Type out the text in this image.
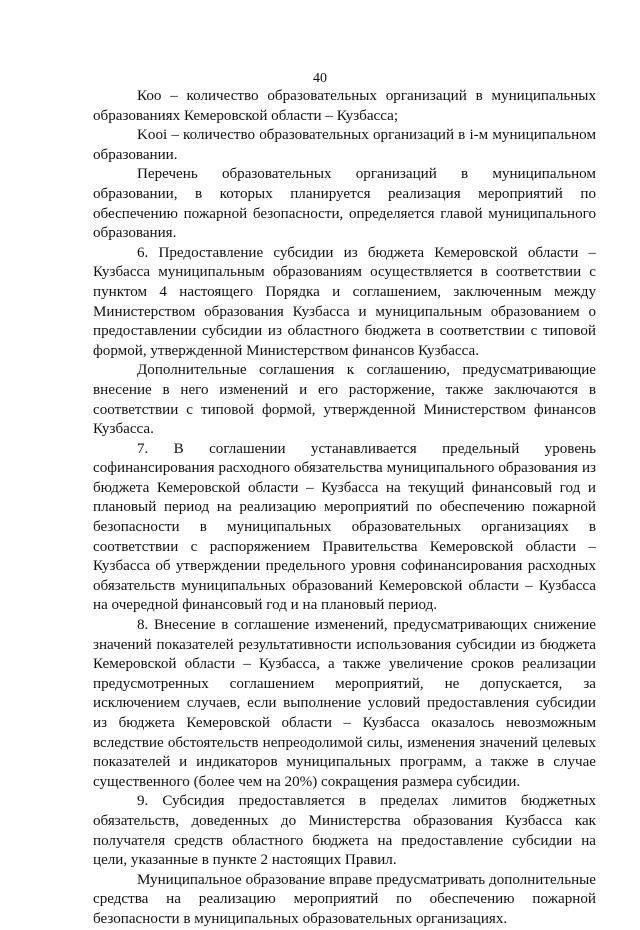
40

Коо – количество образовательных организаций в муниципальных образованиях Кемеровской области – Кузбасса;

Kooi – количество образовательных организаций в i-м муниципальном образовании.

Перечень образовательных организаций в муниципальном образовании, в которых планируется реализация мероприятий по обеспечению пожарной безопасности, определяется главой муниципального образования.

6. Предоставление субсидии из бюджета Кемеровской области – Кузбасса муниципальным образованиям осуществляется в соответствии с пунктом 4 настоящего Порядка и соглашением, заключенным между Министерством образования Кузбасса и муниципальным образованием о предоставлении субсидии из областного бюджета в соответствии с типовой формой, утвержденной Министерством финансов Кузбасса.

Дополнительные соглашения к соглашению, предусматривающие внесение в него изменений и его расторжение, также заключаются в соответствии с типовой формой, утвержденной Министерством финансов Кузбасса.

7. В соглашении устанавливается предельный уровень софинансирования расходного обязательства муниципального образования из бюджета Кемеровской области – Кузбасса на текущий финансовый год и плановый период на реализацию мероприятий по обеспечению пожарной безопасности в муниципальных образовательных организациях в соответствии с распоряжением Правительства Кемеровской области – Кузбасса об утверждении предельного уровня софинансирования расходных обязательств муниципальных образований Кемеровской области – Кузбасса на очередной финансовый год и на плановый период.

8. Внесение в соглашение изменений, предусматривающих снижение значений показателей результативности использования субсидии из бюджета Кемеровской области – Кузбасса, а также увеличение сроков реализации предусмотренных соглашением мероприятий, не допускается, за исключением случаев, если выполнение условий предоставления субсидии из бюджета Кемеровской области – Кузбасса оказалось невозможным вследствие обстоятельств непреодолимой силы, изменения значений целевых показателей и индикаторов муниципальных программ, а также в случае существенного (более чем на 20%) сокращения размера субсидии.

9. Субсидия предоставляется в пределах лимитов бюджетных обязательств, доведенных до Министерства образования Кузбасса как получателя средств областного бюджета на предоставление субсидии на цели, указанные в пункте 2 настоящих Правил.

Муниципальное образование вправе предусматривать дополнительные средства на реализацию мероприятий по обеспечению пожарной безопасности в муниципальных образовательных организациях.
